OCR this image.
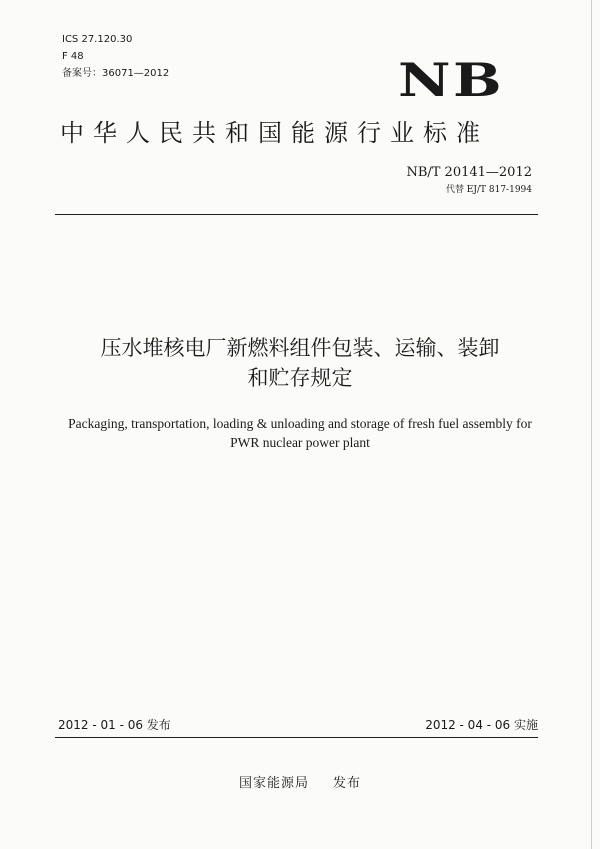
ICS 27.120.30
F 48
备案号：36071—2012	NB
中华人民共和国能源行业标准
NB/T 20141—2012
代替 EJ/T 817-1994
压水堆核电厂新燃料组件包装、运输、装卸
和贮存规定
Packaging, transportation, loading & unloading and storage of fresh fuel assembly for
PWR nuclear power plant
2012 - 01 - 06 发布	2012 - 04 - 06 实施
国家能源局 发布
